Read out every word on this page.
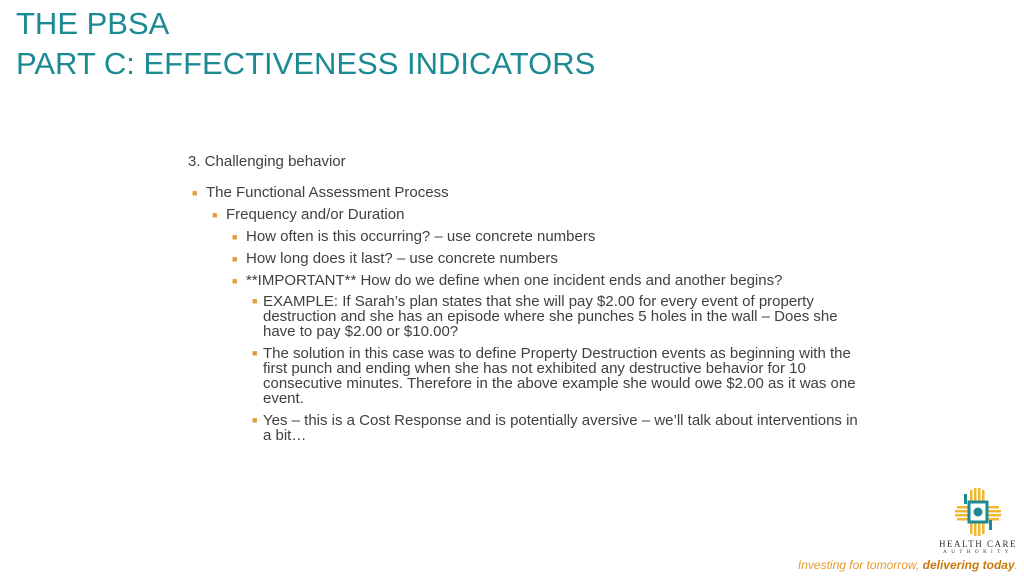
THE PBSA
PART C: EFFECTIVENESS INDICATORS
3. Challenging behavior
■ The Functional Assessment Process
■ Frequency and/or Duration
■ How often is this occurring? – use concrete numbers
■ How long does it last? – use concrete numbers
■ **IMPORTANT** How do we define when one incident ends and another begins?
■ EXAMPLE: If Sarah’s plan states that she will pay $2.00 for every event of property destruction and she has an episode where she punches 5 holes in the wall – Does she have to pay $2.00 or $10.00?
■ The solution in this case was to define Property Destruction events as beginning with the first punch and ending when she has not exhibited any destructive behavior for 10 consecutive minutes. Therefore in the above example she would owe $2.00 as it was one event.
■ Yes – this is a Cost Response and is potentially aversive – we’ll talk about interventions in a bit…
HEALTH CARE
AUTHORITY
Investing for tomorrow, delivering today.
